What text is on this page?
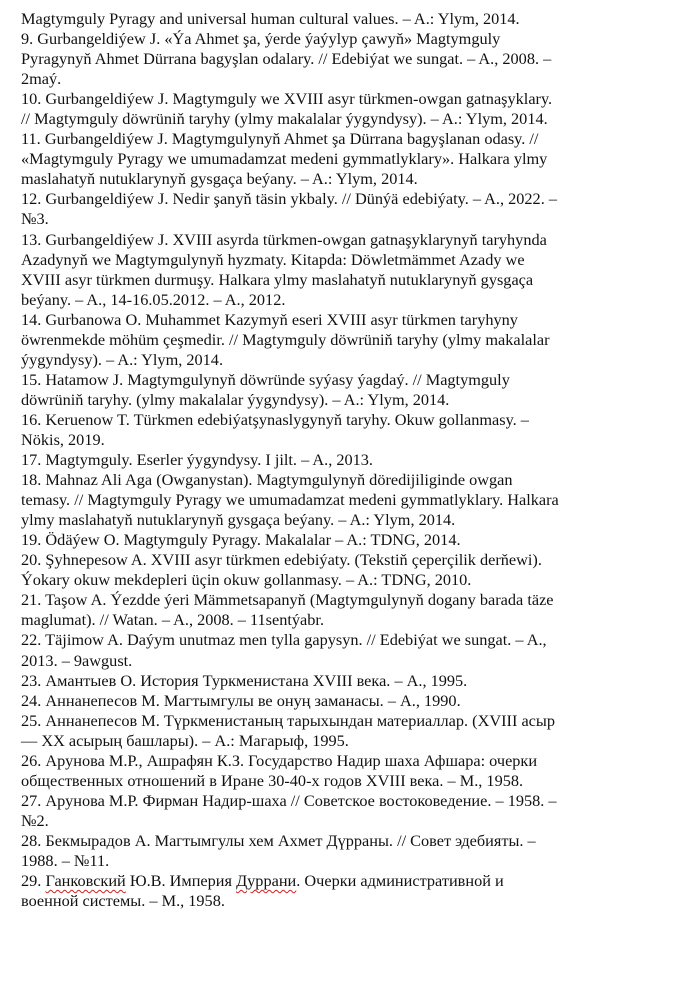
Magtymguly Pyragy and universal human cultural values. – A.: Ylym, 2014.
9. Gurbangeldiýew J. «Ýa Ahmet şa, ýerde ýaýylyp çawyň» Magtymguly
Pyragynyň Ahmet Dürrana bagyşlan odalary. // Edebiýat we sungat. – A., 2008. –
2maý.
10. Gurbangeldiýew J. Magtymguly we XVIII asyr türkmen-owgan gatnaşyklary.
// Magtymguly döwrüniň taryhy (ylmy makalalar ýygyndysy). – A.: Ylym, 2014.
11. Gurbangeldiýew J. Magtymgulynyň Ahmet şa Dürrana bagyşlanan odasy. //
«Magtymguly Pyragy we umumadamzat medeni gymmatlyklary». Halkara ylmy
maslahatyň nutuklarynyň gysgaça beýany. – A.: Ylym, 2014.
12. Gurbangeldiýew J. Nedir şanyň täsin ykbaly. // Dünýä edebiýaty. – A., 2022. –
№3.
13. Gurbangeldiýew J. XVIII asyrda türkmen-owgan gatnaşyklarynyň taryhynda
Azadynyň we Magtymgulynyň hyzmaty. Kitapda: Döwletmämmet Azady we
XVIII asyr türkmen durmuşy. Halkara ylmy maslahatyň nutuklarynyň gysgaça
beýany. – A., 14-16.05.2012. – A., 2012.
14. Gurbanowa O. Muhammet Kazymyň eseri XVIII asyr türkmen taryhyny
öwrenmekde möhüm çeşmedir. // Magtymguly döwrüniň taryhy (ylmy makalalar
ýygyndysy). – A.: Ylym, 2014.
15. Hatamow J. Magtymgulynyň döwründe syýasy ýagdaý. // Magtymguly
döwrüniň taryhy. (ylmy makalalar ýygyndysy). – A.: Ylym, 2014.
16. Keruenow T. Türkmen edebiýatşynaslygynyň taryhy. Okuw gollanmasy. –
Nökis, 2019.
17. Magtymguly. Eserler ýygyndysy. I jilt. – A., 2013.
18. Mahnaz Ali Aga (Owganystan). Magtymgulynyň döredijiliginde owgan
temasy. // Magtymguly Pyragy we umumadamzat medeni gymmatlyklary. Halkara
ylmy maslahatyň nutuklarynyň gysgaça beýany. – A.: Ylym, 2014.
19. Ödäýew O. Magtymguly Pyragy. Makalalar – A.: TDNG, 2014.
20. Şyhnepesow A. XVIII asyr türkmen edebiýaty. (Tekstiň çeperçilik derňewi).
Ýokary okuw mekdepleri üçin okuw gollanmasy. – A.: TDNG, 2010.
21. Taşow A. Ýezdde ýeri Mämmetsapanyň (Magtymgulynyň dogany barada täze
maglumat). // Watan. – A., 2008. – 11sentýabr.
22. Täjimow A. Daýym unutmaz men tylla gapysyn. // Edebiýat we sungat. – A.,
2013. – 9awgust.
23. Амантыев О. История Туркменистана XVIII века. – А., 1995.
24. Аннанепесов М. Магтымгулы ве онуң заманасы. – А., 1990.
25. Аннанепесов М. Түркменистаның тарыхындан материаллар. (XVIII асыр
— XX асырың башлары). – А.: Магарыф, 1995.
26. Арунова М.Р., Ашрафян К.З. Государство Надир шаха Афшара: очерки
общественных отношений в Иране 30-40-х годов XVIII века. – М., 1958.
27. Арунова М.Р. Фирман Надир-шаха // Советское востоковедение. – 1958. –
№2.
28. Бекмырадов А. Магтымгулы хем Ахмет Дүрраны. // Совет эдебияты. –
1988. – №11.
29. Ганковский Ю.В. Империя Дуррани. Очерки административной и
военной системы. – М., 1958.
